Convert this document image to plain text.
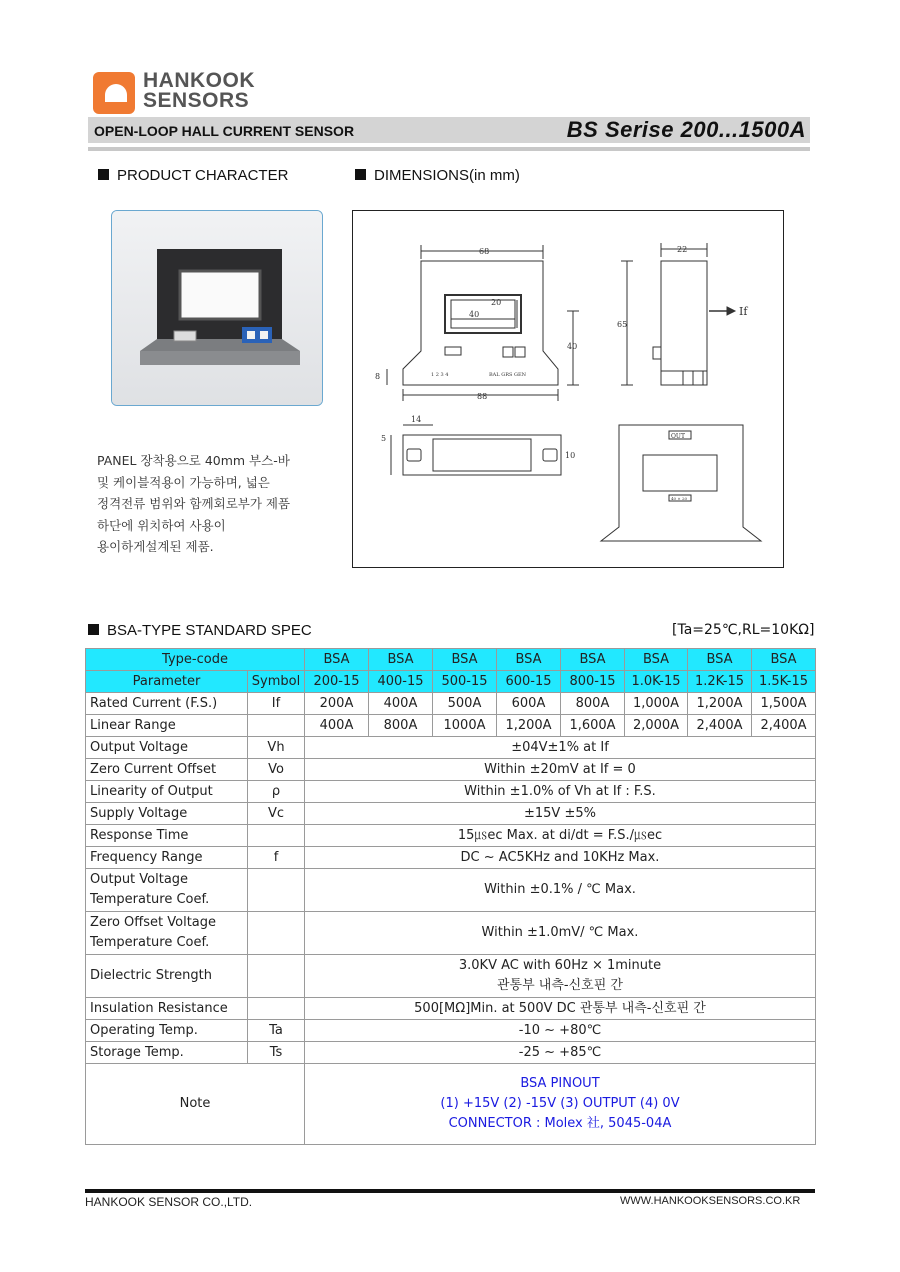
HANKOOK
SENSORS
OPEN-LOOP HALL CURRENT SENSOR	BS Serise 200...1500A
PRODUCT CHARACTER	DIMENSIONS(in mm)
PANEL 장착용으로 40mm 부스-바
및 케이블적용이 가능하며, 넓은
정격전류 범위와 함께회로부가 제품
하단에 위치하여 사용이
용이하게설계된 제품.
68
20
40
40
8
88
1 2 3 4	BAL GRS GEN
22
65
If
14
5
10
OUT
40 × 20
BSA-TYPE STANDARD SPEC	[Ta=25℃,RL=10KΩ]
Type-code		BSA	BSA	BSA	BSA	BSA	BSA	BSA	BSA
Parameter	Symbol	200-15	400-15	500-15	600-15	800-15	1.0K-15	1.2K-15	1.5K-15
Rated Current (F.S.)	If	200A	400A	500A	600A	800A	1,000A	1,200A	1,500A
Linear Range		400A	800A	1000A	1,200A	1,600A	2,000A	2,400A	2,400A
Output Voltage	Vh	±04V±1% at If							
Zero Current Offset	Vo	Within ±20mV at If = 0							
Linearity of Output	ρ	Within ±1.0% of Vh at If : F.S.							
Supply Voltage	Vc	±15V ±5%							
Response Time		15㎲ec Max. at di/dt = F.S./㎲ec							
Frequency Range	f	DC ~ AC5KHz and 10KHz Max.							

Output Voltage
Temperature Coef.		Within ±0.1% / ℃ Max.							

Zero Offset Voltage
Temperature Coef.		Within ±1.0mV/ ℃ Max.							
Dielectric Strength		3.0KV AC with 60Hz × 1minute
관통부 내측-신호핀 간							

Insulation Resistance		500[MΩ]Min. at 500V DC 관통부 내측-신호핀 간							
Operating Temp.	Ta	-10 ~ +80℃							
Storage Temp.	Ts	-25 ~ +85℃							
Note		BSA PINOUT
(1) +15V (2) -15V (3) OUTPUT (4) 0V
CONNECTOR : Molex 社, 5045-04A							
HANKOOK SENSOR CO.,LTD.	WWW.HANKOOKSENSORS.CO.KR
